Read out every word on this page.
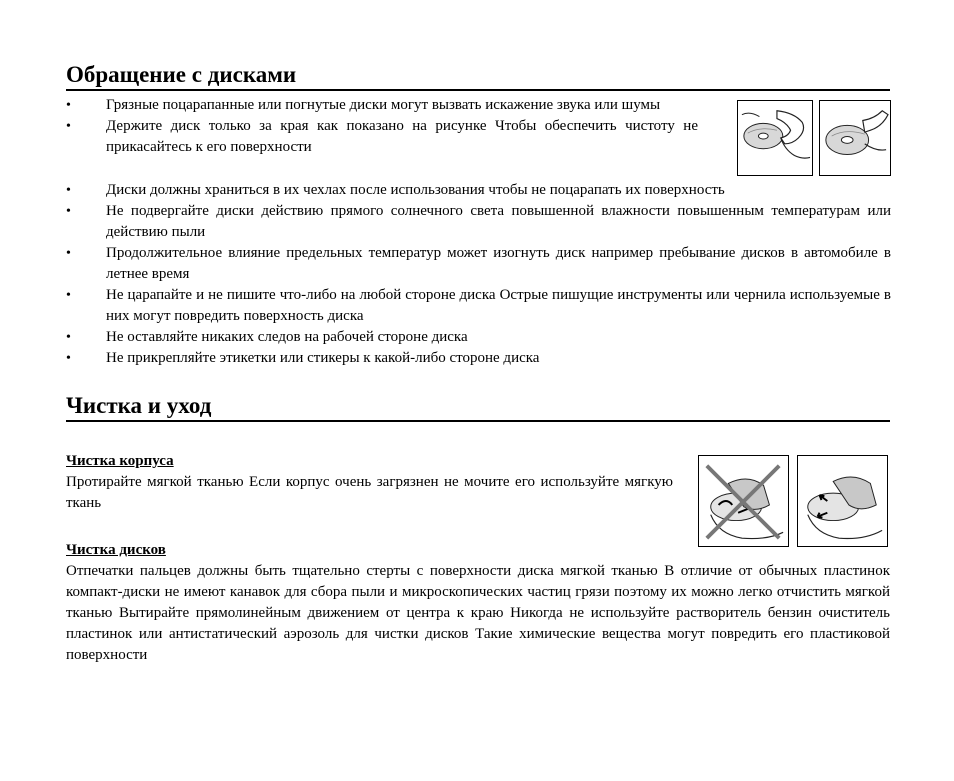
Обращение с дисками
• Грязные поцарапанные или погнутые диски могут вызвать искажение звука или шумы
• Держите диск только за края как показано на рисунке Чтобы обеспечить чистоту не прикасайтесь к его поверхности
• Диски должны храниться в их чехлах после использования чтобы не поцарапать их поверхность
• Не подвергайте диски действию прямого солнечного света повышенной влажности повышенным температурам или действию пыли
• Продолжительное влияние предельных температур может изогнуть диск например пребывание дисков в автомобиле в летнее время
• Не царапайте и не пишите что-либо на любой стороне диска Острые пишущие инструменты или чернила используемые в них могут повредить поверхность диска
• Не оставляйте никаких следов на рабочей стороне диска
• Не прикрепляйте этикетки или стикеры к какой-либо стороне диска
Чистка и уход
Чистка корпуса
Протирайте мягкой тканью Если корпус очень загрязнен не мочите его используйте мягкую ткань
Чистка дисков
Отпечатки пальцев должны быть тщательно стерты с поверхности диска мягкой тканью В отличие от обычных пластинок компакт-диски не имеют канавок для сбора пыли и микроскопических частиц грязи поэтому их можно легко отчистить мягкой тканью Вытирайте прямолинейным движением от центра к краю Никогда не используйте растворитель бензин очиститель пластинок или антистатический аэрозоль для чистки дисков Такие химические вещества могут повредить его пластиковой поверхности
